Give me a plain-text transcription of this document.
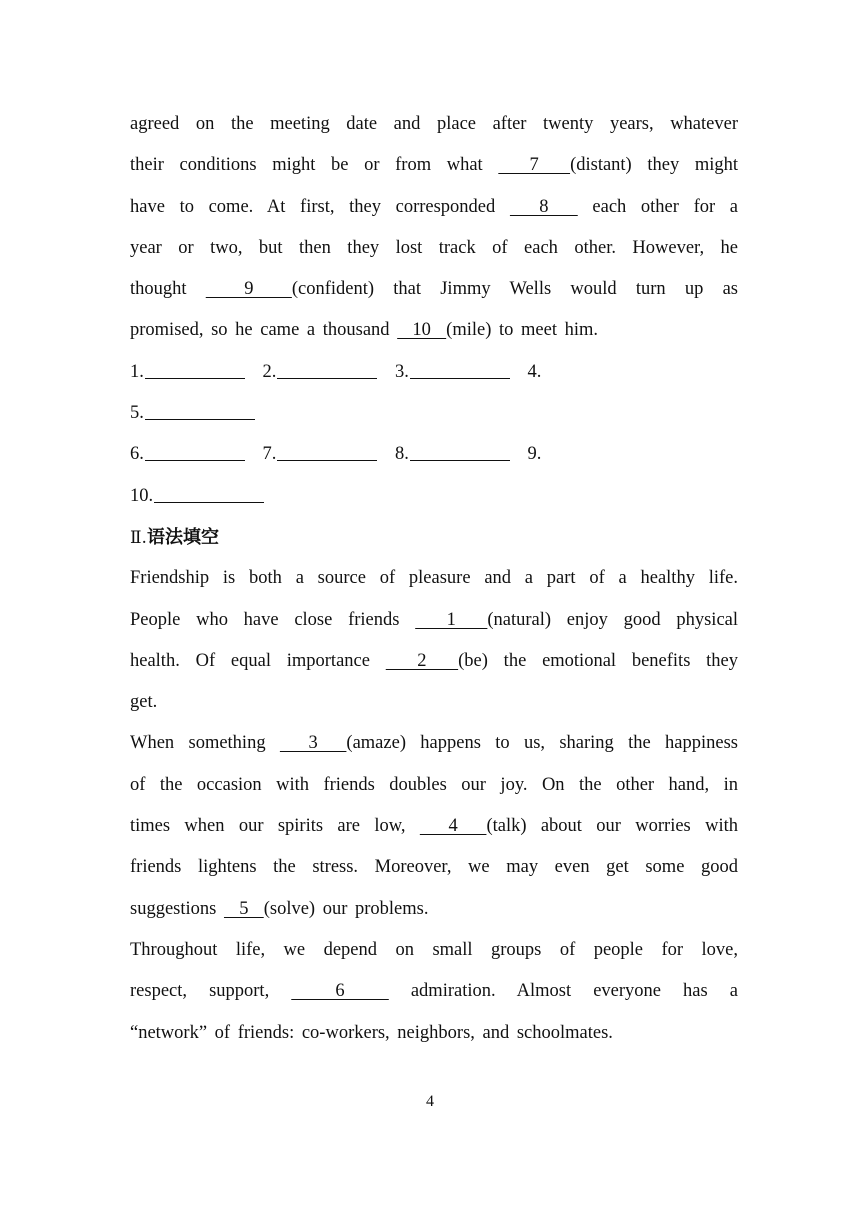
agreed on the meeting date and place after twenty years, whatever
their conditions might be or from what   7  (distant) they might
have to come. At first, they corresponded   8   each other for a
year or two, but then they lost track of each other. However, he
thought   9  (confident) that Jimmy Wells would turn up as
promised, so he came a thousand   10  (mile) to meet him.
1.	2.	3.	4.
5.
6.	7.	8.	9.
10.
Ⅱ.语法填空
Friendship is both a source of pleasure and a part of a healthy life.
People who have close friends   1  (natural) enjoy good physical
health. Of equal importance   2  (be) the emotional benefits they
get.
When something   3  (amaze) happens to us, sharing the happiness
of the occasion with friends doubles our joy. On the other hand, in
times when our spirits are low,   4  (talk) about our worries with
friends lightens the stress. Moreover, we may even get some good
suggestions   5  (solve) our problems.
Throughout life, we depend on small groups of people for love,
respect, support,   6   admiration. Almost everyone has a
“network” of friends: co-workers, neighbors, and schoolmates.
4
